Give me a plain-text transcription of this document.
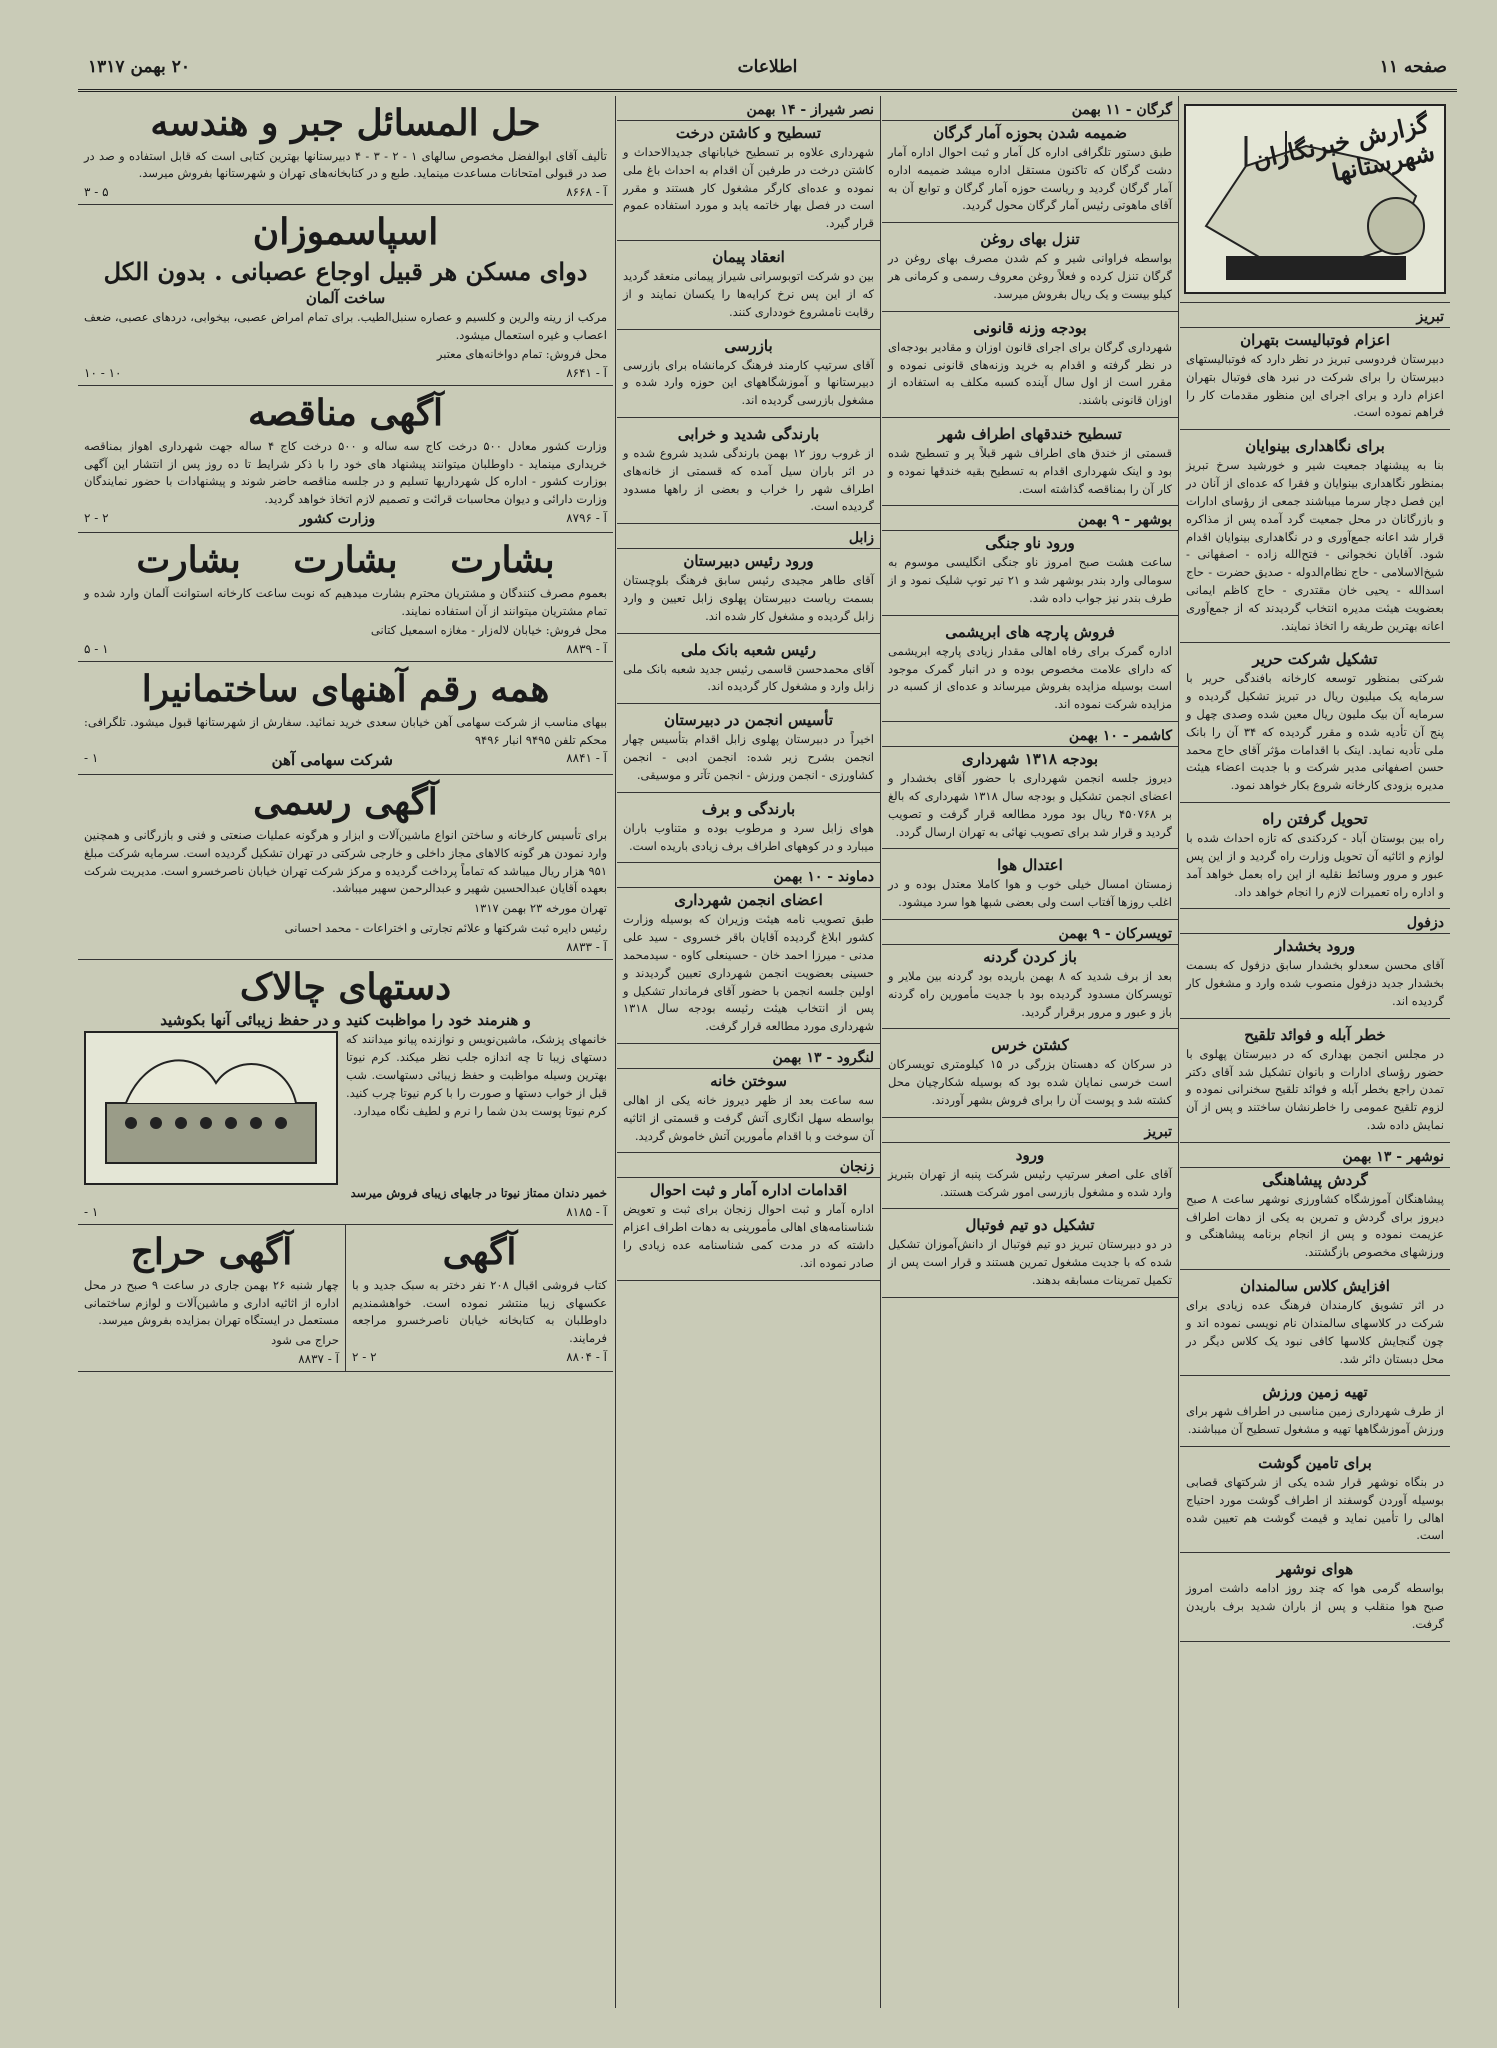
صفحه ۱۱
اطلاعات
۲۰ بهمن ۱۳۱۷
گزارش خبرنگاران شهرستانها
تبریز
اعزام فوتبالیست بتهران

دبیرستان فردوسی تبریز در نظر دارد که فوتبالیستهای دبیرستان را برای شرکت در نبرد های فوتبال بتهران اعزام دارد و برای اجرای این منظور مقدمات کار را فراهم نموده است.

برای نگاهداری بینوایان

بنا به پیشنهاد جمعیت شیر و خورشید سرخ تبریز بمنظور نگاهداری بینوایان و فقرا که عده‌ای از آنان در این فصل دچار سرما میباشند جمعی از رؤسای ادارات و بازرگانان در محل جمعیت گرد آمده پس از مذاکره قرار شد اعانه جمع‌آوری و در نگاهداری بینوایان اقدام شود. آقایان نخجوانی - فتح‌الله زاده - اصفهانی - شیخ‌الاسلامی - حاج نظام‌الدوله - صدیق حضرت - حاج اسدالله - یحیی خان مقتدری - حاج کاظم ایمانی بعضویت هیئت مدیره انتخاب گردیدند که از جمع‌آوری اعانه بهترین طریقه را اتخاذ نمایند.

تشکیل شرکت حریر

شرکتی بمنظور توسعه کارخانه بافندگی حریر با سرمایه یک میلیون ریال در تبریز تشکیل گردیده و سرمایه آن بیک ملیون ریال معین شده وصدی چهل و پنج آن تأدیه شده و مقرر گردیده که ۳۴ آن را بانک ملی تأدیه نماید. اینک با اقدامات مؤثر آقای حاج محمد حسن اصفهانی مدیر شرکت و با جدیت اعضاء هیئت مدیره بزودی کارخانه شروع بکار خواهد نمود.

تحویل گرفتن راه

راه بین بوستان آباد - کردکندی که تازه احداث شده با لوازم و اثاثیه آن تحویل وزارت راه گردید و از این پس عبور و مرور وسائط نقلیه از این راه بعمل خواهد آمد و اداره راه تعمیرات لازم را انجام خواهد داد.

دزفول
ورود بخشدار

آقای محسن سعدلو بخشدار سابق دزفول که بسمت بخشدار جدید دزفول منصوب شده وارد و مشغول کار گردیده اند.

خطر آبله و فوائد تلقیح

در مجلس انجمن بهداری که در دبیرستان پهلوی با حضور رؤسای ادارات و بانوان تشکیل شد آقای دکتر تمدن راجع بخطر آبله و فوائد تلقیح سخنرانی نموده و لزوم تلقیح عمومی را خاطرنشان ساختند و پس از آن نمایش داده شد.

نوشهر - ۱۳ بهمن
گردش پیشاهنگی

پیشاهنگان آموزشگاه کشاورزی نوشهر ساعت ۸ صبح دیروز برای گردش و تمرین به یکی از دهات اطراف عزیمت نموده و پس از انجام برنامه پیشاهنگی و ورزشهای مخصوص بازگشتند.

افزایش کلاس سالمندان

در اثر تشویق کارمندان فرهنگ عده زیادی برای شرکت در کلاسهای سالمندان نام نویسی نموده اند و چون گنجایش کلاسها کافی نبود یک کلاس دیگر در محل دبستان دائر شد.

تهیه زمین ورزش

از طرف شهرداری زمین مناسبی در اطراف شهر برای ورزش آموزشگاهها تهیه و مشغول تسطیح آن میباشند.

برای تامین گوشت

در بنگاه نوشهر قرار شده یکی از شرکتهای قصابی بوسیله آوردن گوسفند از اطراف گوشت مورد احتیاج اهالی را تأمین نماید و قیمت گوشت هم تعیین شده است.

هوای نوشهر

بواسطه گرمی هوا که چند روز ادامه داشت امروز صبح هوا منقلب و پس از باران شدید برف باریدن گرفت.

گرگان - ۱۱ بهمن
ضمیمه شدن بحوزه آمار گرگان

طبق دستور تلگرافی اداره کل آمار و ثبت احوال اداره آمار دشت گرگان که تاکنون مستقل اداره میشد ضمیمه اداره آمار گرگان گردید و ریاست حوزه آمار گرگان و توابع آن به آقای ماهوتی رئیس آمار گرگان محول گردید.

تنزل بهای روغن

بواسطه فراوانی شیر و کم شدن مصرف بهای روغن در گرگان تنزل کرده و فعلاً روغن معروف رسمی و کرمانی هر کیلو بیست و یک ریال بفروش میرسد.

بودجه وزنه قانونی

شهرداری گرگان برای اجرای قانون اوزان و مقادیر بودجه‌ای در نظر گرفته و اقدام به خرید وزنه‌های قانونی نموده و مقرر است از اول سال آینده کسبه مکلف به استفاده از اوزان قانونی باشند.

تسطیح خندقهای اطراف شهر

قسمتی از خندق های اطراف شهر قبلاً پر و تسطیح شده بود و اینک شهرداری اقدام به تسطیح بقیه خندقها نموده و کار آن را بمناقصه گذاشته است.

بوشهر - ۹ بهمن
ورود ناو جنگی

ساعت هشت صبح امروز ناو جنگی انگلیسی موسوم به سومالی وارد بندر بوشهر شد و ۲۱ تیر توپ شلیک نمود و از طرف بندر نیز جواب داده شد.

فروش پارچه های ابریشمی

اداره گمرک برای رفاه اهالی مقدار زیادی پارچه ابریشمی که دارای علامت مخصوص بوده و در انبار گمرک موجود است بوسیله مزایده بفروش میرساند و عده‌ای از کسبه در مزایده شرکت نموده اند.

کاشمر - ۱۰ بهمن
بودجه ۱۳۱۸ شهرداری

دیروز جلسه انجمن شهرداری با حضور آقای بخشدار و اعضای انجمن تشکیل و بودجه سال ۱۳۱۸ شهرداری که بالغ بر ۴۵۰۷۶۸ ریال بود مورد مطالعه قرار گرفت و تصویب گردید و قرار شد برای تصویب نهائی به تهران ارسال گردد.

اعتدال هوا

زمستان امسال خیلی خوب و هوا کاملا معتدل بوده و در اغلب روزها آفتاب است ولی بعضی شبها هوا سرد میشود.

تویسرکان - ۹ بهمن
باز کردن گردنه

بعد از برف شدید که ۸ بهمن باریده بود گردنه بین ملایر و تویسرکان مسدود گردیده بود با جدیت مأمورین راه گردنه باز و عبور و مرور برقرار گردید.

کشتن خرس

در سرکان که دهستان بزرگی در ۱۵ کیلومتری تویسرکان است خرسی نمایان شده بود که بوسیله شکارچیان محل کشته شد و پوست آن را برای فروش بشهر آوردند.

تبریز
ورود

آقای علی اصغر سرتیپ رئیس شرکت پنبه از تهران بتبریز وارد شده و مشغول بازرسی امور شرکت هستند.

تشکیل دو تیم فوتبال

در دو دبیرستان تبریز دو تیم فوتبال از دانش‌آموزان تشکیل شده که با جدیت مشغول تمرین هستند و قرار است پس از تکمیل تمرینات مسابقه بدهند.

نصر شیراز - ۱۴ بهمن
تسطیح و کاشتن درخت

شهرداری علاوه بر تسطیح خیابانهای جدید‌الاحداث و کاشتن درخت در طرفین آن اقدام به احداث باغ ملی نموده و عده‌ای کارگر مشغول کار هستند و مقرر است در فصل بهار خاتمه یابد و مورد استفاده عموم قرار گیرد.

انعقاد پیمان

بین دو شرکت اتوبوسرانی شیراز پیمانی منعقد گردید که از این پس نرخ کرایه‌ها را یکسان نمایند و از رقابت نامشروع خودداری کنند.

بازرسی

آقای سرتیپ کارمند فرهنگ کرمانشاه برای بازرسی دبیرستانها و آموزشگاههای این حوزه وارد شده و مشغول بازرسی گردیده اند.

بارندگی شدید و خرابی

از غروب روز ۱۲ بهمن بارندگی شدید شروع شده و در اثر باران سیل آمده که قسمتی از خانه‌های اطراف شهر را خراب و بعضی از راهها مسدود گردیده است.

زابل
ورود رئیس دبیرستان

آقای طاهر مجیدی رئیس سابق فرهنگ بلوچستان بسمت ریاست دبیرستان پهلوی زابل تعیین و وارد زابل گردیده و مشغول کار شده اند.

رئیس شعبه بانک ملی

آقای محمدحسن قاسمی رئیس جدید شعبه بانک ملی زابل وارد و مشغول کار گردیده اند.

تأسیس انجمن در دبیرستان

اخیراً در دبیرستان پهلوی زابل اقدام بتأسیس چهار انجمن بشرح زیر شده: انجمن ادبی - انجمن کشاورزی - انجمن ورزش - انجمن تآتر و موسیقی.

بارندگی و برف

هوای زابل سرد و مرطوب بوده و متناوب باران میبارد و در کوههای اطراف برف زیادی باریده است.

دماوند - ۱۰ بهمن
اعضای انجمن شهرداری

طبق تصویب نامه هیئت وزیران که بوسیله وزارت کشور ابلاغ گردیده آقایان باقر خسروی - سید علی مدنی - میرزا احمد خان - حسینعلی کاوه - سیدمحمد حسینی بعضویت انجمن شهرداری تعیین گردیدند و اولین جلسه انجمن با حضور آقای فرماندار تشکیل و پس از انتخاب هیئت رئیسه بودجه سال ۱۳۱۸ شهرداری مورد مطالعه قرار گرفت.

لنگرود - ۱۳ بهمن
سوختن خانه

سه ساعت بعد از ظهر دیروز خانه یکی از اهالی بواسطه سهل انگاری آتش گرفت و قسمتی از اثاثیه آن سوخت و با اقدام مأمورین آتش خاموش گردید.

زنجان
اقدامات اداره آمار و ثبت احوال

اداره آمار و ثبت احوال زنجان برای ثبت و تعویض شناسنامه‌های اهالی مأمورینی به دهات اطراف اعزام داشته که در مدت کمی شناسنامه عده زیادی را صادر نموده اند.

حل المسائل جبر و هندسه

تألیف آقای ابوالفضل مخصوص سالهای ۱ - ۲ - ۳ - ۴ دبیرستانها بهترین کتابی است که قابل استفاده و صد در صد در قبولی امتحانات مساعدت مینماید. طبع و در کتابخانه‌های تهران و شهرستانها بفروش میرسد.

آ - ۸۶۶۸
۵ - ۳
اسپاسموزان
دوای مسکن هر قبیل اوجاع عصبانی . بدون الکل
ساخت آلمان

مرکب از رینه والرین و کلسیم و عصاره سنبل‌الطیب. برای تمام امراض عصبی، بیخوابی، دردهای عصبی، ضعف اعصاب و غیره استعمال میشود.

محل فروش: تمام دواخانه‌های معتبر

آ - ۸۶۴۱
۱۰ - ۱۰
آگهی مناقصه

وزارت کشور معادل ۵۰۰ درخت کاج سه ساله و ۵۰۰ درخت کاج ۴ ساله جهت شهرداری اهواز بمناقصه خریداری مینماید - داوطلبان میتوانند پیشنهاد های خود را با ذکر شرایط تا ده روز پس از انتشار این آگهی بوزارت کشور - اداره کل شهرداریها تسلیم و در جلسه مناقصه حاضر شوند و پیشنهادات با حضور نمایندگان وزارت دارائی و دیوان محاسبات قرائت و تصمیم لازم اتخاذ خواهد گردید.

آ - ۸۷۹۶
وزارت کشور
۲ - ۲
بشارت بشارت بشارت

بعموم مصرف کنندگان و مشتریان محترم بشارت میدهیم که نوبت ساعت کارخانه استوانت آلمان وارد شده و تمام مشتریان میتوانند از آن استفاده نمایند.

محل فروش: خیابان لاله‌زار - مغازه اسمعیل کتانی

آ - ۸۸۳۹
۱ - ۵
همه رقم آهنهای ساختمانیرا

ببهای مناسب از شرکت سهامی آهن خیابان سعدی خرید نمائید. سفارش از شهرستانها قبول میشود. تلگرافی: محکم تلفن ۹۴۹۵ انبار ۹۴۹۶

آ - ۸۸۴۱
شرکت سهامی آهن
۱ -
آگهی رسمی

برای تأسیس کارخانه و ساختن انواع ماشین‌آلات و ابزار و هرگونه عملیات صنعتی و فنی و بازرگانی و همچنین وارد نمودن هر گونه کالاهای مجاز داخلی و خارجی شرکتی در تهران تشکیل گردیده است. سرمایه شرکت مبلغ ۹۵۱ هزار ریال میباشد که تماماً پرداخت گردیده و مرکز شرکت تهران خیابان ناصرخسرو است. مدیریت شرکت بعهده آقایان عبدالحسین شهیر و عبدالرحمن سهیر میباشد.

تهران مورخه ۲۳ بهمن ۱۳۱۷

رئیس دایره ثبت شرکتها و علائم تجارتی و اختراعات - محمد احسانی

آ - ۸۸۳۳
دستهای چالاک
و هنرمند خود را مواظبت کنید و در حفظ زیبائی آنها بکوشید

خانمهای پزشک، ماشین‌نویس و نوازنده پیانو میدانند که دستهای زیبا تا چه اندازه جلب نظر میکند. کرم نیوتا بهترین وسیله مواظبت و حفظ زیبائی دستهاست. شب قبل از خواب دستها و صورت را با کرم نیوتا چرب کنید. کرم نیوتا پوست بدن شما را نرم و لطیف نگاه میدارد.

خمیر دندان ممتاز نیوتا در جایهای زیبای فروش میرسد

آ - ۸۱۸۵
۱ -
آگهی

کتاب فروشی اقبال ۲۰۸ نفر دختر به سبک جدید و با عکسهای زیبا منتشر نموده است. خواهشمندیم داوطلبان به کتابخانه خیابان ناصرخسرو مراجعه فرمایند.

آ - ۸۸۰۴
۲ - ۲
آگهی حراج

چهار شنبه ۲۶ بهمن جاری در ساعت ۹ صبح در محل اداره از اثاثیه اداری و ماشین‌آلات و لوازم ساختمانی مستعمل در ایستگاه تهران بمزایده بفروش میرسد.

حراج می شود

آ - ۸۸۳۷
